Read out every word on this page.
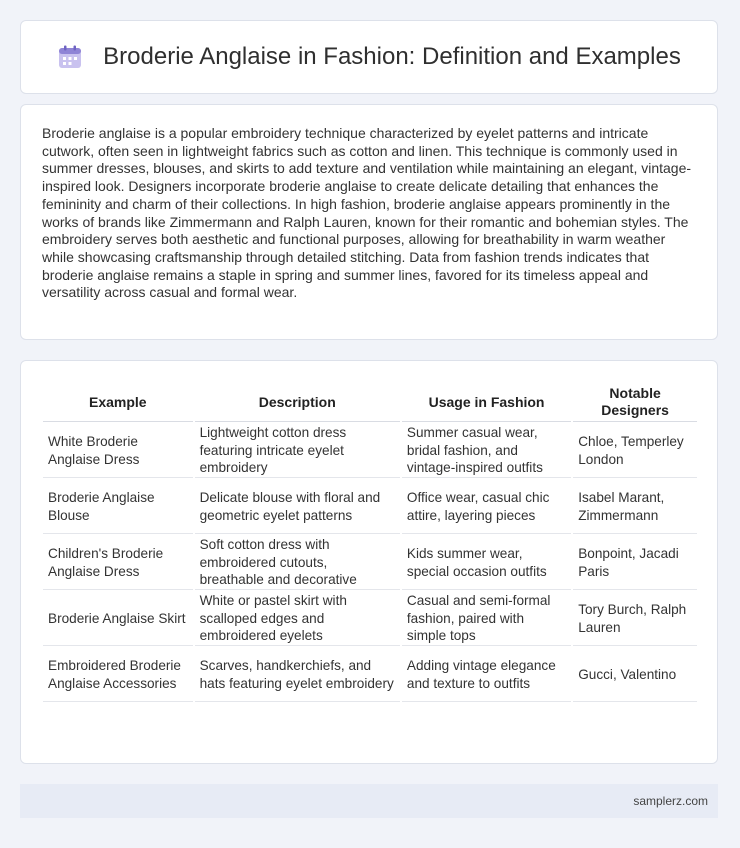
Broderie Anglaise in Fashion: Definition and Examples

Broderie anglaise is a popular embroidery technique characterized by eyelet patterns and intricate cutwork, often seen in lightweight fabrics such as cotton and linen. This technique is commonly used in summer dresses, blouses, and skirts to add texture and ventilation while maintaining an elegant, vintage-inspired look. Designers incorporate broderie anglaise to create delicate detailing that enhances the femininity and charm of their collections. In high fashion, broderie anglaise appears prominently in the works of brands like Zimmermann and Ralph Lauren, known for their romantic and bohemian styles. The embroidery serves both aesthetic and functional purposes, allowing for breathability in warm weather while showcasing craftsmanship through detailed stitching. Data from fashion trends indicates that broderie anglaise remains a staple in spring and summer lines, favored for its timeless appeal and versatility across casual and formal wear.

Example	Description	Usage in Fashion	Notable Designers
White Broderie Anglaise Dress	Lightweight cotton dress featuring intricate eyelet embroidery	Summer casual wear, bridal fashion, and vintage-inspired outfits	Chloe, Temperley London
Broderie Anglaise Blouse	Delicate blouse with floral and geometric eyelet patterns	Office wear, casual chic attire, layering pieces	Isabel Marant, Zimmermann
Children's Broderie Anglaise Dress	Soft cotton dress with embroidered cutouts, breathable and decorative	Kids summer wear, special occasion outfits	Bonpoint, Jacadi Paris
Broderie Anglaise Skirt	White or pastel skirt with scalloped edges and embroidered eyelets	Casual and semi-formal fashion, paired with simple tops	Tory Burch, Ralph Lauren
Embroidered Broderie Anglaise Accessories	Scarves, handkerchiefs, and hats featuring eyelet embroidery	Adding vintage elegance and texture to outfits	Gucci, Valentino
samplerz.com
